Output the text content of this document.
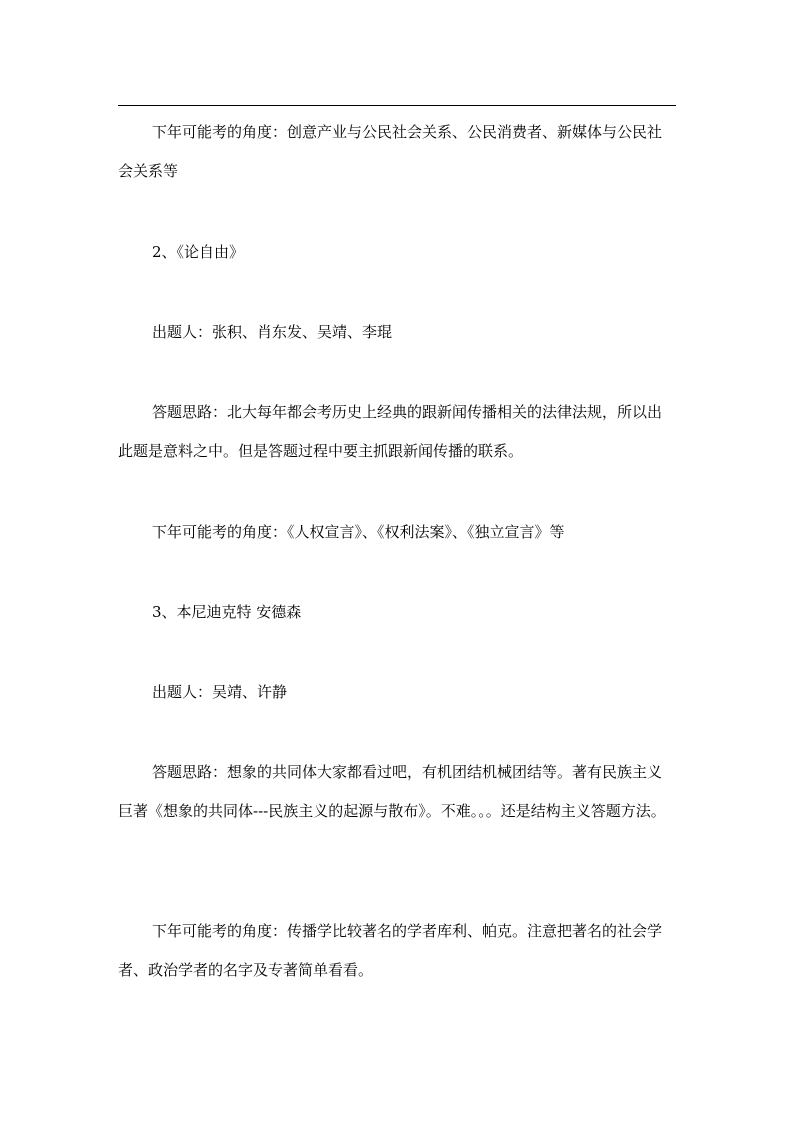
下年可能考的角度：创意产业与公民社会关系、公民消费者、新媒体与公民社会关系等

2、《论自由》

出题人：张积、肖东发、吴靖、李琨

答题思路：北大每年都会考历史上经典的跟新闻传播相关的法律法规，所以出此题是意料之中。但是答题过程中要主抓跟新闻传播的联系。

下年可能考的角度：《人权宣言》、《权利法案》、《独立宣言》等

3、本尼迪克特 安德森

出题人：吴靖、许静

答题思路：想象的共同体大家都看过吧，有机团结机械团结等。著有民族主义巨著《想象的共同体---民族主义的起源与散布》。不难。。。还是结构主义答题方法。

下年可能考的角度：传播学比较著名的学者库利、帕克。注意把著名的社会学者、政治学者的名字及专著简单看看。
